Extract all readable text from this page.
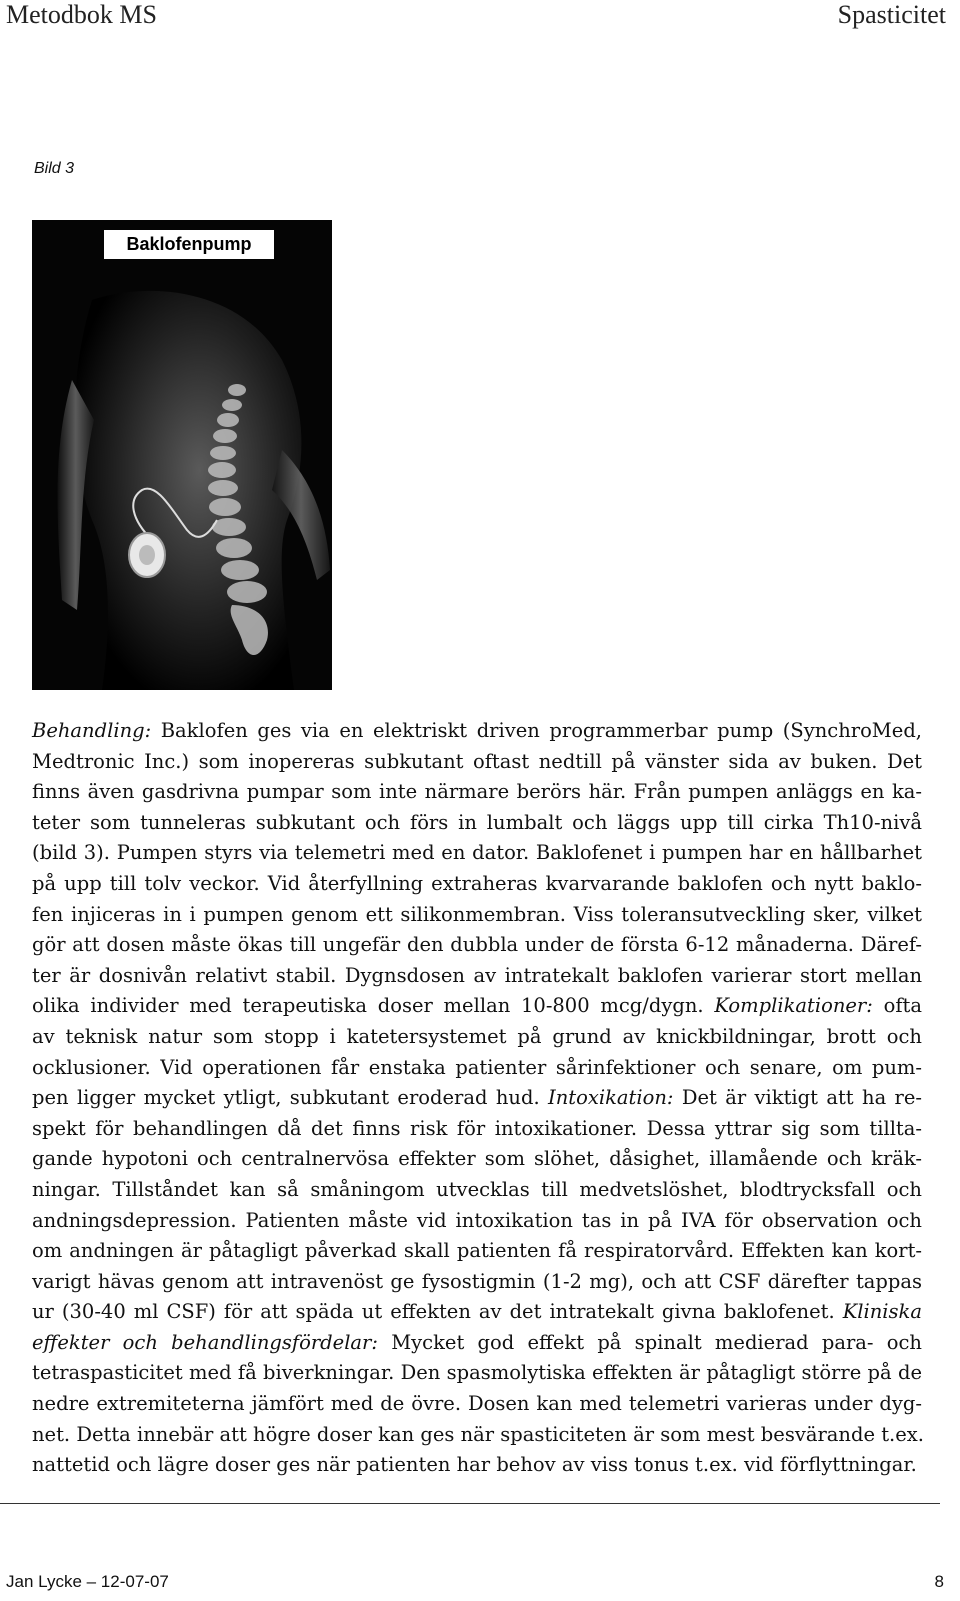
Metodbok MS	Spasticitet
Bild 3
Baklofenpump
Behandling: Baklofen ges via en elektriskt driven programmerbar pump (SynchroMed,
Medtronic Inc.) som inopereras subkutant oftast nedtill på vänster sida av buken. Det
finns även gasdrivna pumpar som inte närmare berörs här. Från pumpen anläggs en ka-
teter som tunneleras subkutant och förs in lumbalt och läggs upp till cirka Th10-nivå
(bild 3). Pumpen styrs via telemetri med en dator. Baklofenet i pumpen har en hållbarhet
på upp till tolv veckor. Vid återfyllning extraheras kvarvarande baklofen och nytt baklo-
fen injiceras in i pumpen genom ett silikonmembran. Viss toleransutveckling sker, vilket
gör att dosen måste ökas till ungefär den dubbla under de första 6-12 månaderna. Däref-
ter är dosnivån relativt stabil. Dygnsdosen av intratekalt baklofen varierar stort mellan
olika individer med terapeutiska doser mellan 10-800 mcg/dygn. Komplikationer: ofta
av teknisk natur som stopp i katetersystemet på grund av knickbildningar, brott och
ocklusioner. Vid operationen får enstaka patienter sårinfektioner och senare, om pum-
pen ligger mycket ytligt, subkutant eroderad hud. Intoxikation: Det är viktigt att ha re-
spekt för behandlingen då det finns risk för intoxikationer. Dessa yttrar sig som tillta-
gande hypotoni och centralnervösa effekter som slöhet, dåsighet, illamående och kräk-
ningar. Tillståndet kan så småningom utvecklas till medvetslöshet, blodtrycksfall och
andningsdepression. Patienten måste vid intoxikation tas in på IVA för observation och
om andningen är påtagligt påverkad skall patienten få respiratorvård. Effekten kan kort-
varigt hävas genom att intravenöst ge fysostigmin (1-2 mg), och att CSF därefter tappas
ur (30-40 ml CSF) för att späda ut effekten av det intratekalt givna baklofenet. Kliniska
effekter och behandlingsfördelar: Mycket god effekt på spinalt medierad para- och
tetraspasticitet med få biverkningar. Den spasmolytiska effekten är påtagligt större på de
nedre extremiteterna jämfört med de övre. Dosen kan med telemetri varieras under dyg-
net. Detta innebär att högre doser kan ges när spasticiteten är som mest besvärande t.ex.
nattetid och lägre doser ges när patienten har behov av viss tonus t.ex. vid förflyttningar.
Jan Lycke – 12-07-07	8
